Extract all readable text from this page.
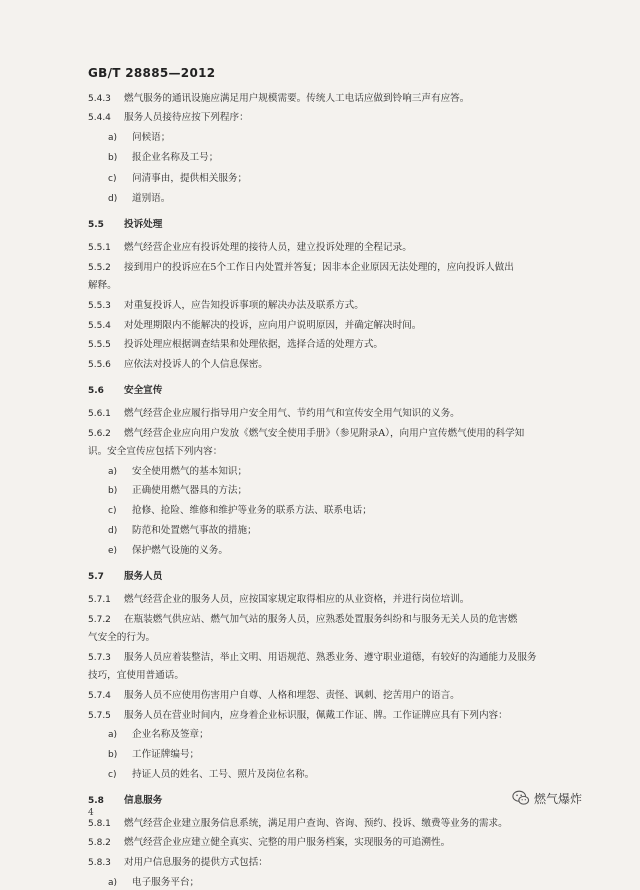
GB/T 28885—2012
5.4.3 燃气服务的通讯设施应满足用户规模需要。传统人工电话应做到铃响三声有应答。
5.4.4 服务人员接待应按下列程序：
a) 问候语；
b) 报企业名称及工号；
c) 问清事由，提供相关服务；
d) 道别语。
5.5 投诉处理
5.5.1 燃气经营企业应有投诉处理的接待人员，建立投诉处理的全程记录。
5.5.2 接到用户的投诉应在5个工作日内处置并答复；因非本企业原因无法处理的，应向投诉人做出
解释。
5.5.3 对重复投诉人，应告知投诉事项的解决办法及联系方式。
5.5.4 对处理期限内不能解决的投诉，应向用户说明原因，并确定解决时间。
5.5.5 投诉处理应根据调查结果和处理依据，选择合适的处理方式。
5.5.6 应依法对投诉人的个人信息保密。
5.6 安全宣传
5.6.1 燃气经营企业应履行指导用户安全用气、节约用气和宣传安全用气知识的义务。
5.6.2 燃气经营企业应向用户发放《燃气安全使用手册》（参见附录A），向用户宣传燃气使用的科学知
识。安全宣传应包括下列内容：
a) 安全使用燃气的基本知识；
b) 正确使用燃气器具的方法；
c) 抢修、抢险、维修和维护等业务的联系方法、联系电话；
d) 防范和处置燃气事故的措施；
e) 保护燃气设施的义务。
5.7 服务人员
5.7.1 燃气经营企业的服务人员，应按国家规定取得相应的从业资格，并进行岗位培训。
5.7.2 在瓶装燃气供应站、燃气加气站的服务人员，应熟悉处置服务纠纷和与服务无关人员的危害燃
气安全的行为。
5.7.3 服务人员应着装整洁，举止文明、用语规范、熟悉业务、遵守职业道德，有较好的沟通能力及服务
技巧，宜使用普通话。
5.7.4 服务人员不应使用伤害用户自尊、人格和埋怨、责怪、讽刺、挖苦用户的语言。
5.7.5 服务人员在营业时间内，应身着企业标识服，佩戴工作证、牌。工作证牌应具有下列内容：
a) 企业名称及签章；
b) 工作证牌编号；
c) 持证人员的姓名、工号、照片及岗位名称。
5.8 信息服务
5.8.1 燃气经营企业建立服务信息系统，满足用户查询、咨询、预约、投诉、缴费等业务的需求。
5.8.2 燃气经营企业应建立健全真实、完整的用户服务档案，实现服务的可追溯性。
5.8.3 对用户信息服务的提供方式包括：
a) 电子服务平台；
4
燃气爆炸
